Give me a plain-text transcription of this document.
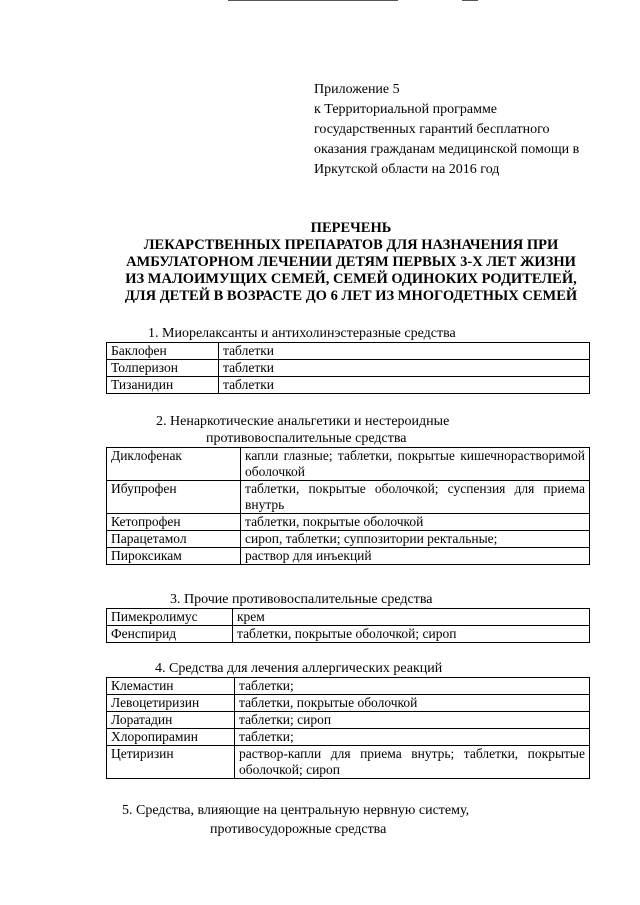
Приложение 5
к Территориальной программе
государственных гарантий бесплатного
оказания гражданам медицинской помощи в
Иркутской области на 2016 год
ПЕРЕЧЕНЬ
ЛЕКАРСТВЕННЫХ ПРЕПАРАТОВ ДЛЯ НАЗНАЧЕНИЯ ПРИ
АМБУЛАТОРНОМ ЛЕЧЕНИИ ДЕТЯМ ПЕРВЫХ 3-Х ЛЕТ ЖИЗНИ
ИЗ МАЛОИМУЩИХ СЕМЕЙ, СЕМЕЙ ОДИНОКИХ РОДИТЕЛЕЙ,
ДЛЯ ДЕТЕЙ В ВОЗРАСТЕ ДО 6 ЛЕТ ИЗ МНОГОДЕТНЫХ СЕМЕЙ
1. Миорелаксанты и антихолинэстеразные средства
Баклофен	таблетки
Толперизон	таблетки
Тизанидин	таблетки
2. Ненаркотические анальгетики и нестероидные
противовоспалительные средства
Диклофенак	капли глазные; таблетки, покрытые кишечнорастворимой оболочкой
Ибупрофен	таблетки, покрытые оболочкой; суспензия для приема внутрь
Кетопрофен	таблетки, покрытые оболочкой
Парацетамол	сироп, таблетки; суппозитории ректальные;
Пироксикам	раствор для инъекций
3. Прочие противовоспалительные средства
Пимекролимус	крем
Фенспирид	таблетки, покрытые оболочкой; сироп
4. Средства для лечения аллергических реакций
Клемастин	таблетки;
Левоцетиризин	таблетки, покрытые оболочкой
Лоратадин	таблетки; сироп
Хлоропирамин	таблетки;
Цетиризин	раствор-капли для приема внутрь; таблетки, покрытые оболочкой; сироп
5. Средства, влияющие на центральную нервную систему,
противосудорожные средства
